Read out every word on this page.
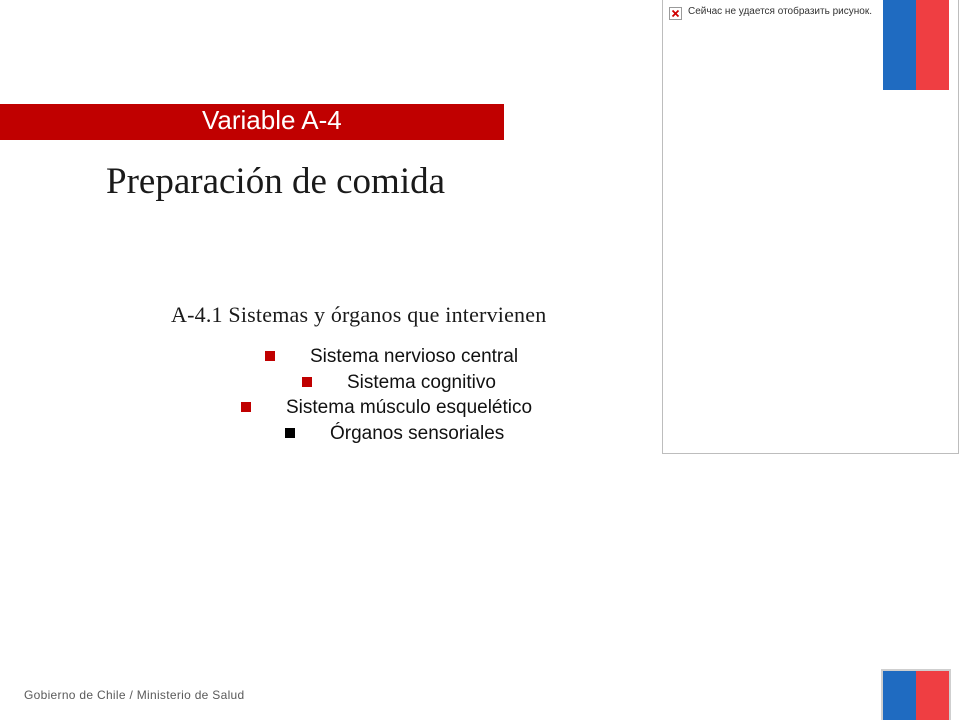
Variable A-4
Preparación de comida
A-4.1 Sistemas y órganos que intervienen
Sistema nervioso central
Sistema cognitivo
Sistema músculo esquelético
Órganos sensoriales
Сейчас не удается отобразить рисунок.
Gobierno de Chile / Ministerio de Salud
